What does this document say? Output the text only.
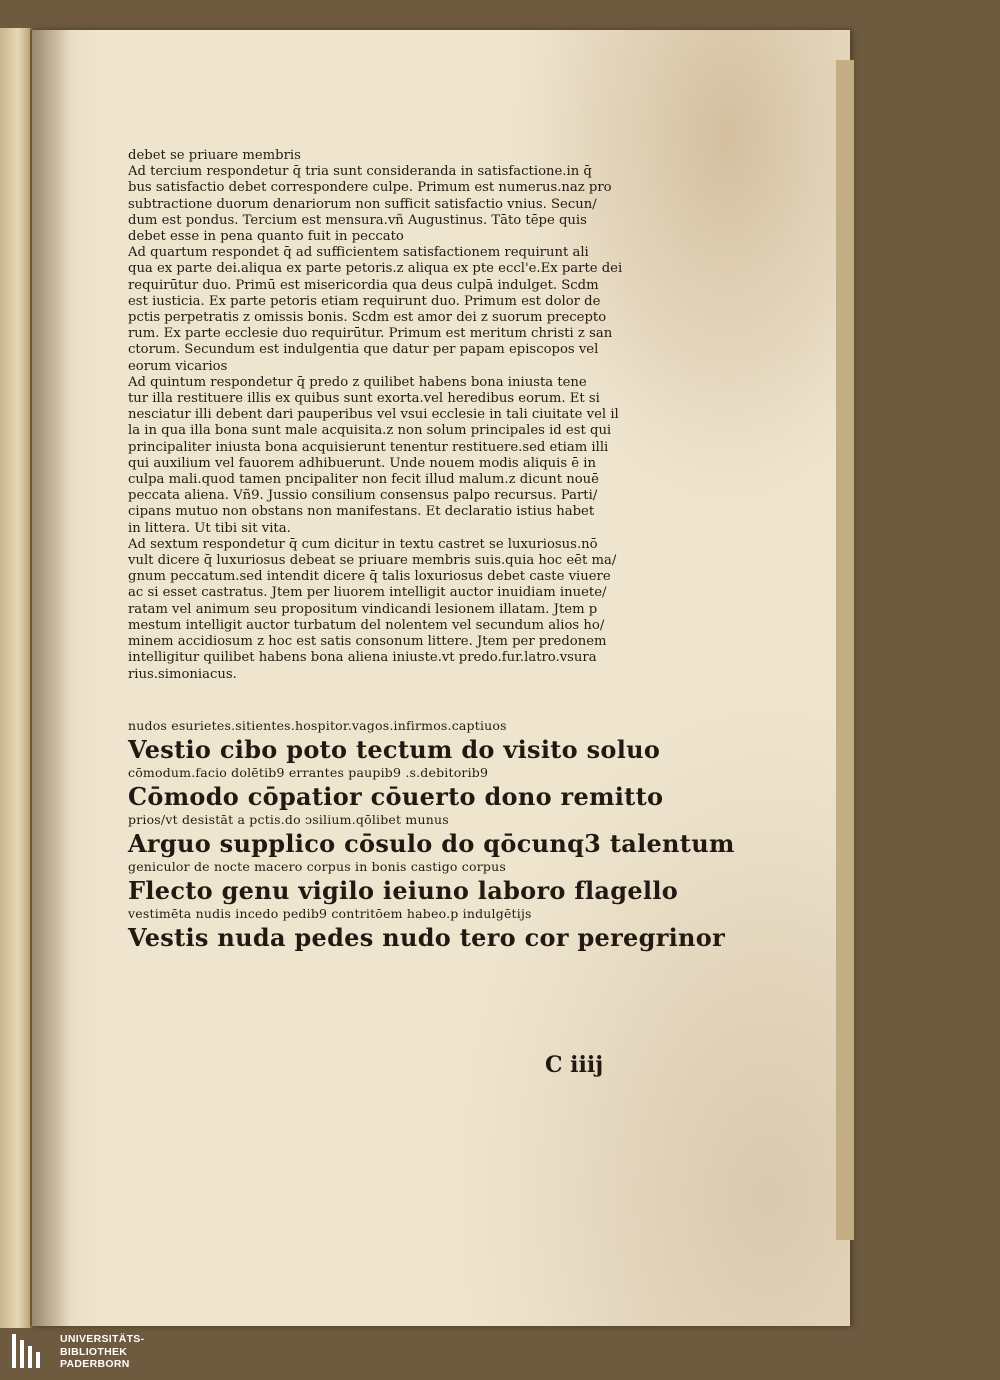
debet se priuare membris

Ad tercium respondetur q̄ tria sunt consideranda in satisfactione.in q̄
bus satisfactio debet correspondere culpe. Primum est numerus.naz pro
subtractione duorum denariorum non sufficit satisfactio vnius. Secun/
dum est pondus. Tercium est mensura.vñ Augustinus. Tāto tēpe quis
debet esse in pena quanto fuit in peccato

Ad quartum respondet q̄ ad sufficientem satisfactionem requirunt ali
qua ex parte dei.aliqua ex parte petoris.z aliqua ex pte eccl'e.Ex parte dei
requirūtur duo. Primū est misericordia qua deus culpā indulget. Scdm
est iusticia. Ex parte petoris etiam requirunt duo. Primum est dolor de
pctis perpetratis z omissis bonis. Scdm est amor dei z suorum precepto
rum. Ex parte ecclesie duo requirūtur. Primum est meritum christi z san
ctorum. Secundum est indulgentia que datur per papam episcopos vel
eorum vicarios

Ad quintum respondetur q̄ predo z quilibet habens bona iniusta tene
tur illa restituere illis ex quibus sunt exorta.vel heredibus eorum. Et si
nesciatur illi debent dari pauperibus vel vsui ecclesie in tali ciuitate vel il
la in qua illa bona sunt male acquisita.z non solum principales id est qui
principaliter iniusta bona acquisierunt tenentur restituere.sed etiam illi
qui auxilium vel fauorem adhibuerunt. Unde nouem modis aliquis ē in
culpa mali.quod tamen pncipaliter non fecit illud malum.z dicunt nouē
peccata aliena. Vñ9. Jussio consilium consensus palpo recursus. Parti/
cipans mutuo non obstans non manifestans. Et declaratio istius habet
in littera. Ut tibi sit vita.

Ad sextum respondetur q̄ cum dicitur in textu castret se luxuriosus.nō
vult dicere q̄ luxuriosus debeat se priuare membris suis.quia hoc eēt ma/
gnum peccatum.sed intendit dicere q̄ talis loxuriosus debet caste viuere
ac si esset castratus. Jtem per liuorem intelligit auctor inuidiam inuete/
ratam vel animum seu propositum vindicandi lesionem illatam. Jtem p
mestum intelligit auctor turbatum del nolentem vel secundum alios ho/
minem accidiosum z hoc est satis consonum littere. Jtem per predonem
intelligitur quilibet habens bona aliena iniuste.vt predo.fur.latro.vsura
rius.simoniacus.

nudos esurietes.sitientes.hospitor.vagos.infirmos.captiuos
Vestio cibo poto tectum do visito soluo
cōmodum.facio dolētib9 errantes paupib9 .s.debitorib9
Cōmodo cōpatior cōuerto dono remitto
prios/vt desistāt a pctis.do ↄsilium.qōlibet munus
Arguo supplico cōsulo do qōcunq3 talentum
geniculor de nocte macero corpus in bonis castigo corpus
Flecto genu vigilo ieiuno laboro flagello
vestimēta nudis incedo pedib9 contritōem habeo.p indulgētijs
Vestis nuda pedes nudo tero cor peregrinor
C iiij
UNIVERSITÄTS-
BIBLIOTHEK
PADERBORN
